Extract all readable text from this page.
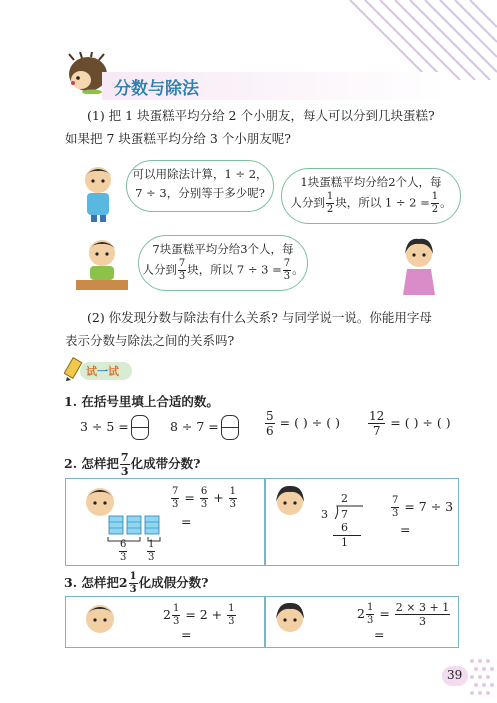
分数与除法
(1) 把 1 块蛋糕平均分给 2 个小朋友，每人可以分到几块蛋糕?
如果把 7 块蛋糕平均分给 3 个小朋友呢?
可以用除法计算，1 ÷ 2，
7 ÷ 3，分别等于多少呢?
1块蛋糕平均分给2个人，每
人分到 $\frac{1}{2}$ 块，所以 $1 \div 2 = \frac{1}{2}$ 。
7块蛋糕平均分给3个人，每
人分到 $\frac{7}{3}$ 块，所以 $7 \div 3 = \frac{7}{3}$ 。
(2) 你发现分数与除法有什么关系? 与同学说一说。你能用字母
表示分数与除法之间的关系吗?
试一试
1. 在括号里填上合适的数。
3 ÷ 5 =	8 ÷ 7 =	$\frac{5}{6}$ = ( ) ÷ ( ) $\frac{12}{7}$ = ( ) ÷ ( )
2. 怎样把 $\frac{7}{3}$ 化成带分数?
$\frac{7}{3} = \frac{6}{3} + \frac{1}{3}$
=
$\frac{6}{3} \frac{1}{3}$
2
3 7
6
1
$\frac{7}{3} = 7 \div 3$
=
3. 怎样把$2 \frac{1}{3}$ 化成假分数?
$2 \frac{1}{3} = 2 + \frac{1}{3}$
=
$2 \frac{1}{3} = \frac{2 \times 3 + 1}{3}$
=
39
